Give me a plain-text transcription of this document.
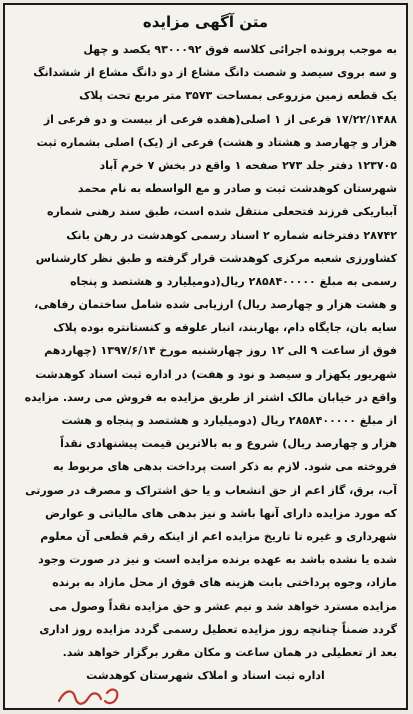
متن آگهی مزایده
به موجب پرونده اجرائی کلاسه فوق ۹۳۰۰۰۹۲ یکصد و چهل
و سه بروی سیصد و شصت دانگ مشاع از دو دانگ مشاع از ششدانگ
یک قطعه زمین مزروعی بمساحت ۳۵۷۳ متر مربع تحت پلاک
۱۷/۲۲/۱۴۸۸ فرعی از ۱ اصلی(هفده فرعی از بیست و دو فرعی از
هزار و چهارصد و هشتاد و هشت) فرعی از (یک) اصلی بشماره ثبت
۱۲۳۷۰۵ دفتر جلد ۲۷۳ صفحه ۱ واقع در بخش ۷ خرم آباد
شهرستان کوهدشت ثبت و صادر و مع الواسطه به نام محمد
آبباریکی فرزند فتحعلی منتقل شده است، طبق سند رهنی شماره
۲۸۷۴۲ دفترخانه شماره ۲ اسناد رسمی کوهدشت در رهن بانک
کشاورزی شعبه مرکزی کوهدشت قرار گرفته و طبق نظر کارشناس
رسمی به مبلغ ۲۸۵۸۴۰۰۰۰۰ ریال(دومیلیارد و هشتصد و پنجاه
و هشت هزار و چهارصد ریال) ارزیابی شده شامل ساختمان رفاهی،
سایه بان، جایگاه دام، بهاربند، انبار علوفه و کنستانتره بوده پلاک
فوق از ساعت ۹ الی ۱۲ روز چهارشنبه مورخ ۱۳۹۷/۶/۱۴ (چهاردهم
شهریور یکهزار و سیصد و نود و هفت) در اداره ثبت اسناد کوهدشت
واقع در خیابان مالک اشتر از طریق مزایده به فروش می رسد. مزایده
از مبلغ ۲۸۵۸۴۰۰۰۰۰ ریال (دومیلیارد و هشتصد و پنجاه و هشت
هزار و چهارصد ریال) شروع و به بالاترین قیمت پیشنهادی نقداً
فروخته می شود. لازم به ذکر است پرداخت بدهی های مربوط به
آب، برق، گاز اعم از حق انشعاب و یا حق اشتراک و مصرف در صورتی
که مورد مزایده دارای آنها باشد و نیز بدهی های مالیاتی و عوارض
شهرداری و غیره تا تاریخ مزایده اعم از اینکه رقم قطعی آن معلوم
شده یا نشده باشد به عهده برنده مزایده است و نیز در صورت وجود
مازاد، وجوه پرداختی بابت هزینه های فوق از محل مازاد به برنده
مزایده مسترد خواهد شد و نیم عشر و حق مزایده نقداً وصول می
گردد ضمناً چنانچه روز مزایده تعطیل رسمی گردد مزایده روز اداری
بعد از تعطیلی در همان ساعت و مکان مقرر برگزار خواهد شد.
اداره ثبت اسناد و املاک شهرستان کوهدشت
